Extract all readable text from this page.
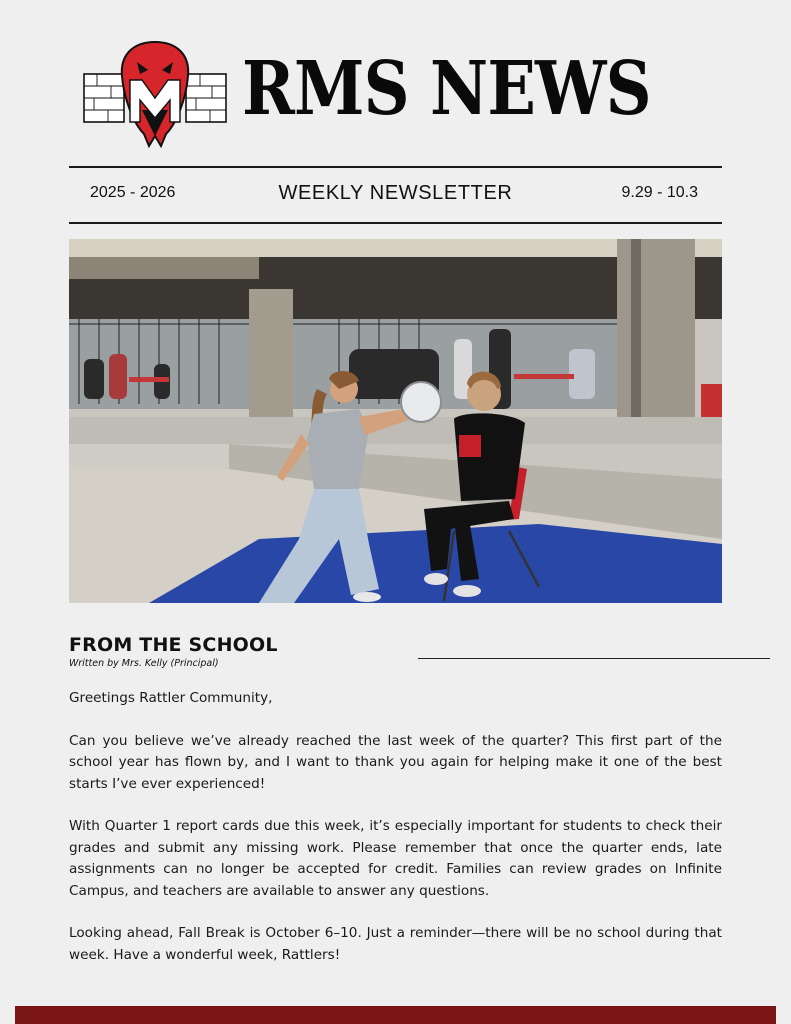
RMS NEWS
2025 - 2026	WEEKLY NEWSLETTER	9.29 - 10.3
FROM THE SCHOOL
Written by Mrs. Kelly (Principal)

Greetings Rattler Community,

Can you believe we’ve already reached the last week of the quarter? This first part of the school year has flown by, and I want to thank you again for helping make it one of the best starts I’ve ever experienced!

With Quarter 1 report cards due this week, it’s especially important for students to check their grades and submit any missing work. Please remember that once the quarter ends, late assignments can no longer be accepted for credit. Families can review grades on Infinite Campus, and teachers are available to answer any questions.

Looking ahead, Fall Break is October 6–10. Just a reminder—there will be no school during that week. Have a wonderful week, Rattlers!
